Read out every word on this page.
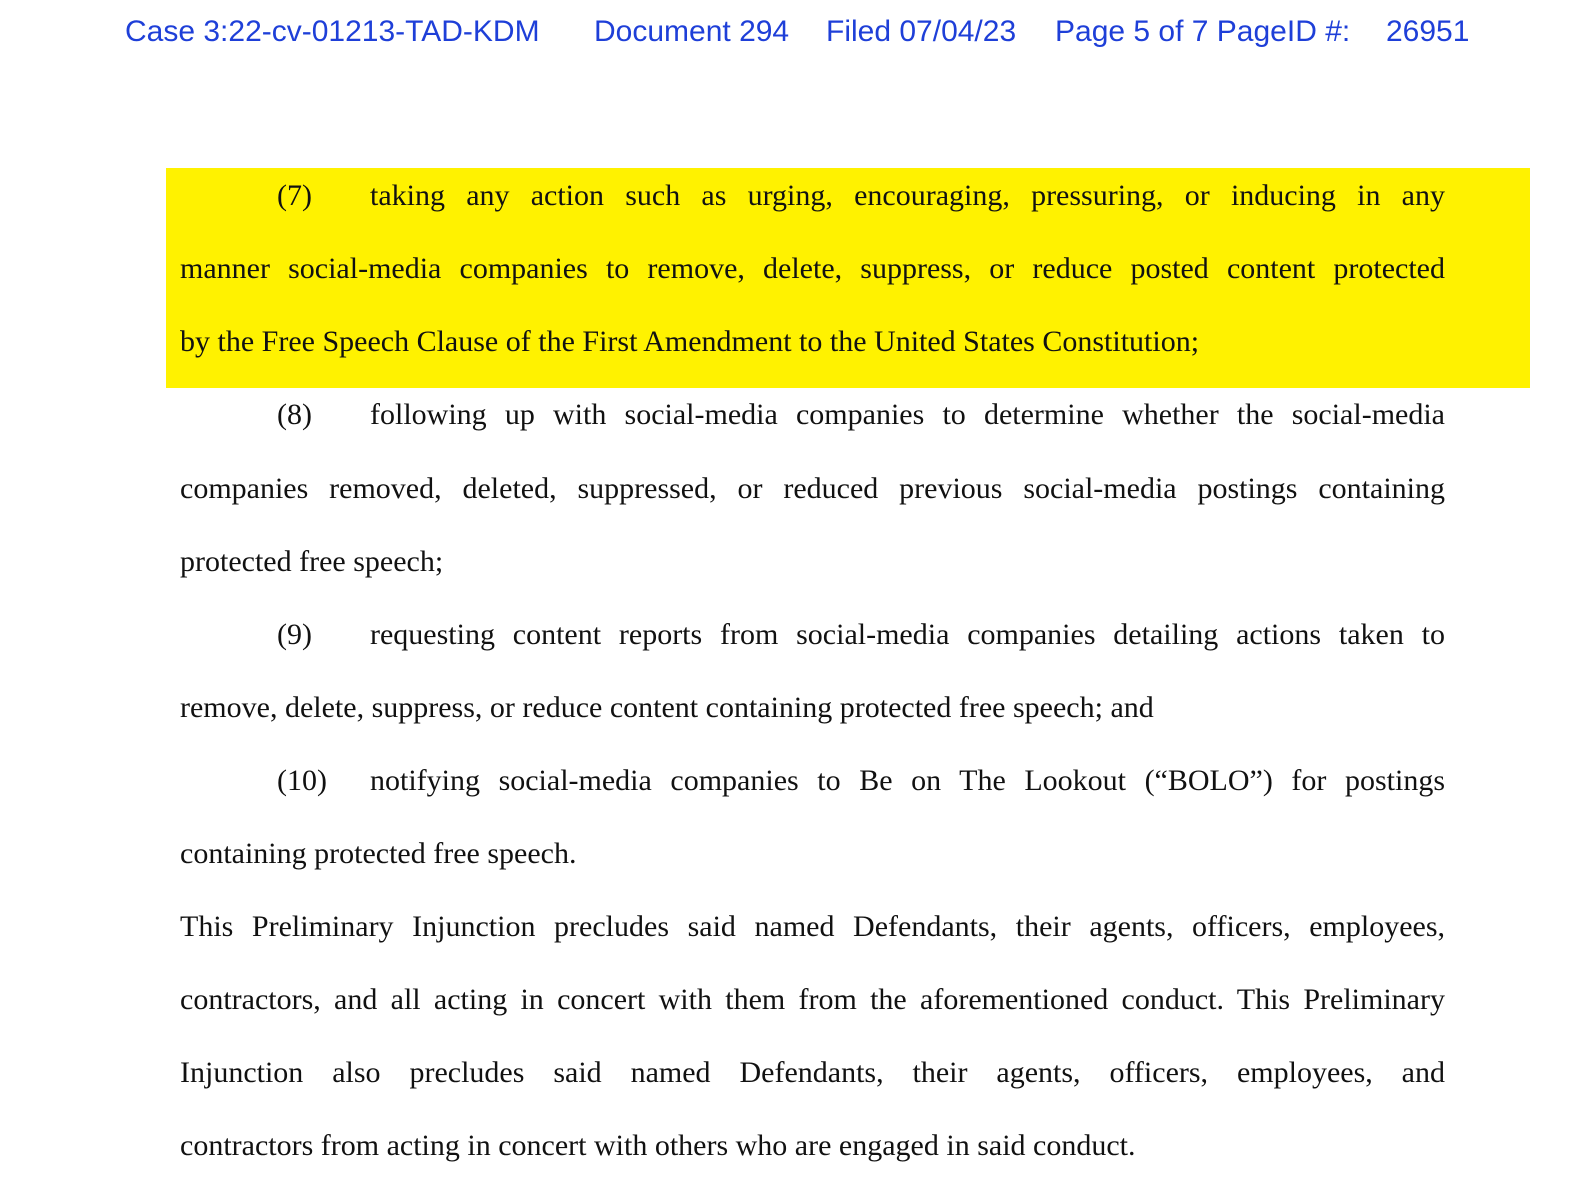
Case 3:22-cv-01213-TAD-KDM Document 294 Filed 07/04/23 Page 5 of 7 PageID #: 26951
(7) taking any action such as urging, encouraging, pressuring, or inducing in any
manner social-media companies to remove, delete, suppress, or reduce posted content protected
by the Free Speech Clause of the First Amendment to the United States Constitution;
(8) following up with social-media companies to determine whether the social-media
companies removed, deleted, suppressed, or reduced previous social-media postings containing
protected free speech;
(9) requesting content reports from social-media companies detailing actions taken to
remove, delete, suppress, or reduce content containing protected free speech; and
(10) notifying social-media companies to Be on The Lookout (“BOLO”) for postings
containing protected free speech.
This Preliminary Injunction precludes said named Defendants, their agents, officers, employees,
contractors, and all acting in concert with them from the aforementioned conduct. This Preliminary
Injunction also precludes said named Defendants, their agents, officers, employees, and
contractors from acting in concert with others who are engaged in said conduct.
